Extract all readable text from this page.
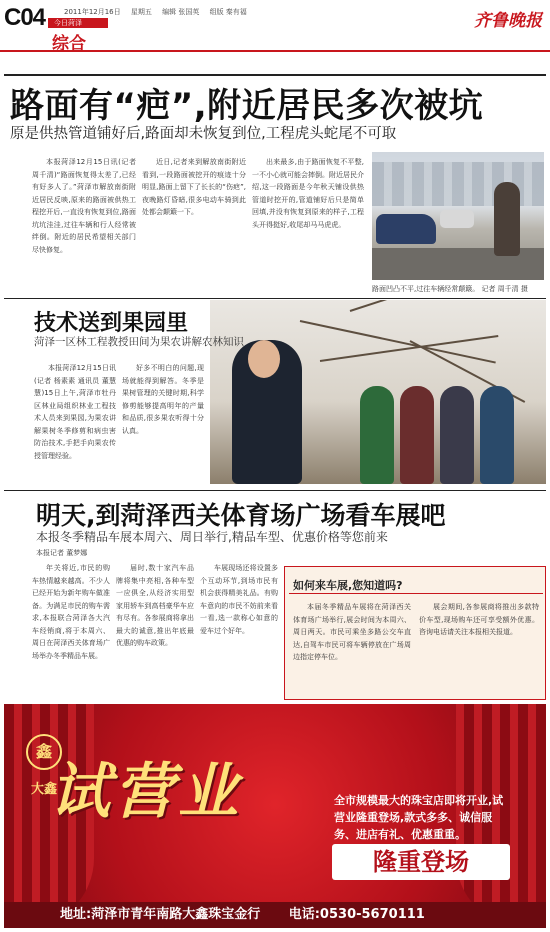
C04	2011年12月16日 星期五 编辑 张国英 组版 秦有福
今日菏泽
综合
齐鲁晚报
路面有“疤”,附近居民多次被坑
原是供热管道铺好后,路面却未恢复到位,工程虎头蛇尾不可取

本报菏泽12月15日讯(记者 周千清)“路面恢复得太差了,已经有好多人了。”菏泽市解放南街附近居民反映,原来的路面被供热工程挖开后,一直没有恢复到位,路面坑坑洼洼,过往车辆和行人经常被绊倒。附近的居民希望相关部门尽快修复。

近日,记者来到解放南街附近看到,一段路面被挖开的痕迹十分明显,路面上留下了长长的“伤疤”,夜晚路灯昏暗,很多电动车骑到此处都会颠簸一下。

出来最多,由于路面恢复不平整,一不小心就可能会摔倒。附近居民介绍,这一段路面是今年秋天铺设供热管道时挖开的,管道铺好后只是简单回填,并没有恢复到原来的样子,工程头开得挺好,收尾却马马虎虎。

路面凹凸不平,过往车辆经常颠簸。 记者 周千清 摄
技术送到果园里
菏泽一区林工程教授田间为果农讲解农林知识

本报菏泽12月15日讯(记者 杨素素 通讯员 董慧慧)15日上午,菏泽市牡丹区林业局组织林业工程技术人员来到果园,为果农讲解果树冬季修剪和病虫害防治技术,手把手向果农传授管理经验。

好多不明白的问题,现场就能得到解答。冬季是果树管理的关键时期,科学修剪能够提高明年的产量和品质,很多果农听得十分认真。

明天,到菏泽西关体育场广场看车展吧
本报冬季精品车展本周六、周日举行,精品车型、优惠价格等您前来
本报记者 董梦娜

年关将近,市民的购车热情越来越高。不少人已经开始为新年购车做准备。为满足市民的购车需求,本报联合菏泽各大汽车经销商,将于本周六、周日在菏泽西关体育场广场举办冬季精品车展。

届时,数十家汽车品牌将集中亮相,各种车型一应俱全,从经济实用型家用轿车到高档豪华车应有尽有。各参展商将拿出最大的诚意,推出年底最优惠的购车政策。

车展现场还将设置多个互动环节,到场市民有机会获得精美礼品。有购车意向的市民不妨前来看一看,选一款称心如意的爱车过个好年。

如何来车展,您知道吗?

本届冬季精品车展将在菏泽西关体育场广场举行,展会时间为本周六、周日两天。市民可乘坐多路公交车直达,自驾车市民可将车辆停放在广场周边指定停车位。

展会期间,各参展商将推出多款特价车型,现场购车还可享受额外优惠。咨询电话请关注本报相关报道。

鑫
大鑫
试营业	全市规模最大的珠宝店即将开业,试营业隆重登场,款式多多、诚信服务、进店有礼、优惠重重。
隆重登场
地址:菏泽市青年南路大鑫珠宝金行 电话:0530-5670111
